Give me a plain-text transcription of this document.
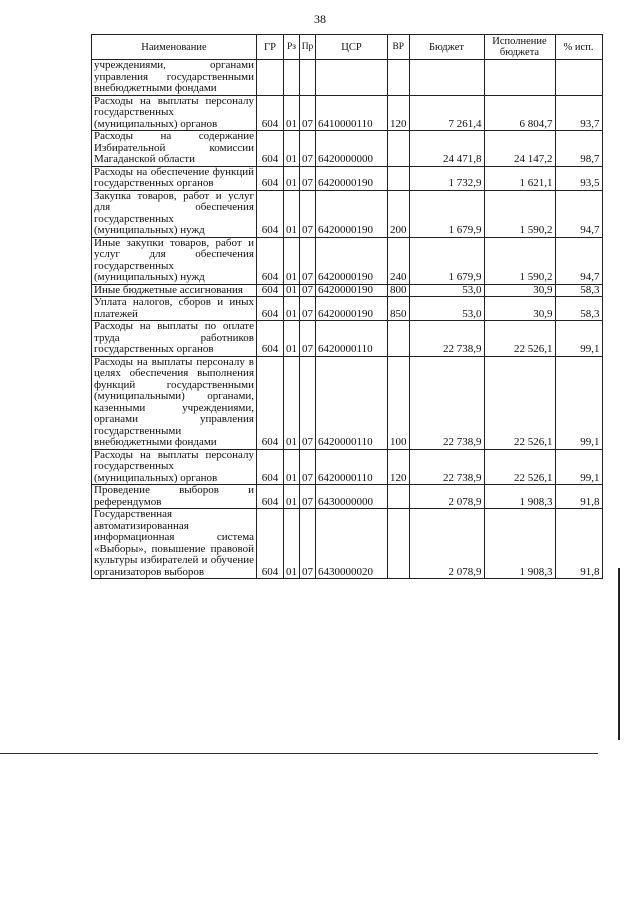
38
Наименование	ГР	Рз	Пр	ЦСР	ВР	Бюджет	Исполнение бюджета	% исп.
учреждениями, органами управления государственными внебюджетными фондами								
Расходы на выплаты персоналу государственных (муниципальных) органов	604	01	07	6410000110	120	7 261,4	6 804,7	93,7
Расходы на содержание Избирательной комиссии Магаданской области	604	01	07	6420000000		24 471,8	24 147,2	98,7
Расходы на обеспечение функций государственных органов	604	01	07	6420000190		1 732,9	1 621,1	93,5
Закупка товаров, работ и услуг для обеспечения государственных (муниципальных) нужд	604	01	07	6420000190	200	1 679,9	1 590,2	94,7
Иные закупки товаров, работ и услуг для обеспечения государственных (муниципальных) нужд	604	01	07	6420000190	240	1 679,9	1 590,2	94,7
Иные бюджетные ассигнования	604	01	07	6420000190	800	53,0	30,9	58,3
Уплата налогов, сборов и иных платежей	604	01	07	6420000190	850	53,0	30,9	58,3
Расходы на выплаты по оплате труда работников государственных органов	604	01	07	6420000110		22 738,9	22 526,1	99,1
Расходы на выплаты персоналу в целях обеспечения выполнения функций государственными (муниципальными) органами, казенными учреждениями, органами управления государственными внебюджетными фондами	604	01	07	6420000110	100	22 738,9	22 526,1	99,1
Расходы на выплаты персоналу государственных (муниципальных) органов	604	01	07	6420000110	120	22 738,9	22 526,1	99,1
Проведение выборов и референдумов	604	01	07	6430000000		2 078,9	1 908,3	91,8
Государственная автоматизированная информационная система «Выборы», повышение правовой культуры избирателей и обучение организаторов выборов	604	01	07	6430000020		2 078,9	1 908,3	91,8
